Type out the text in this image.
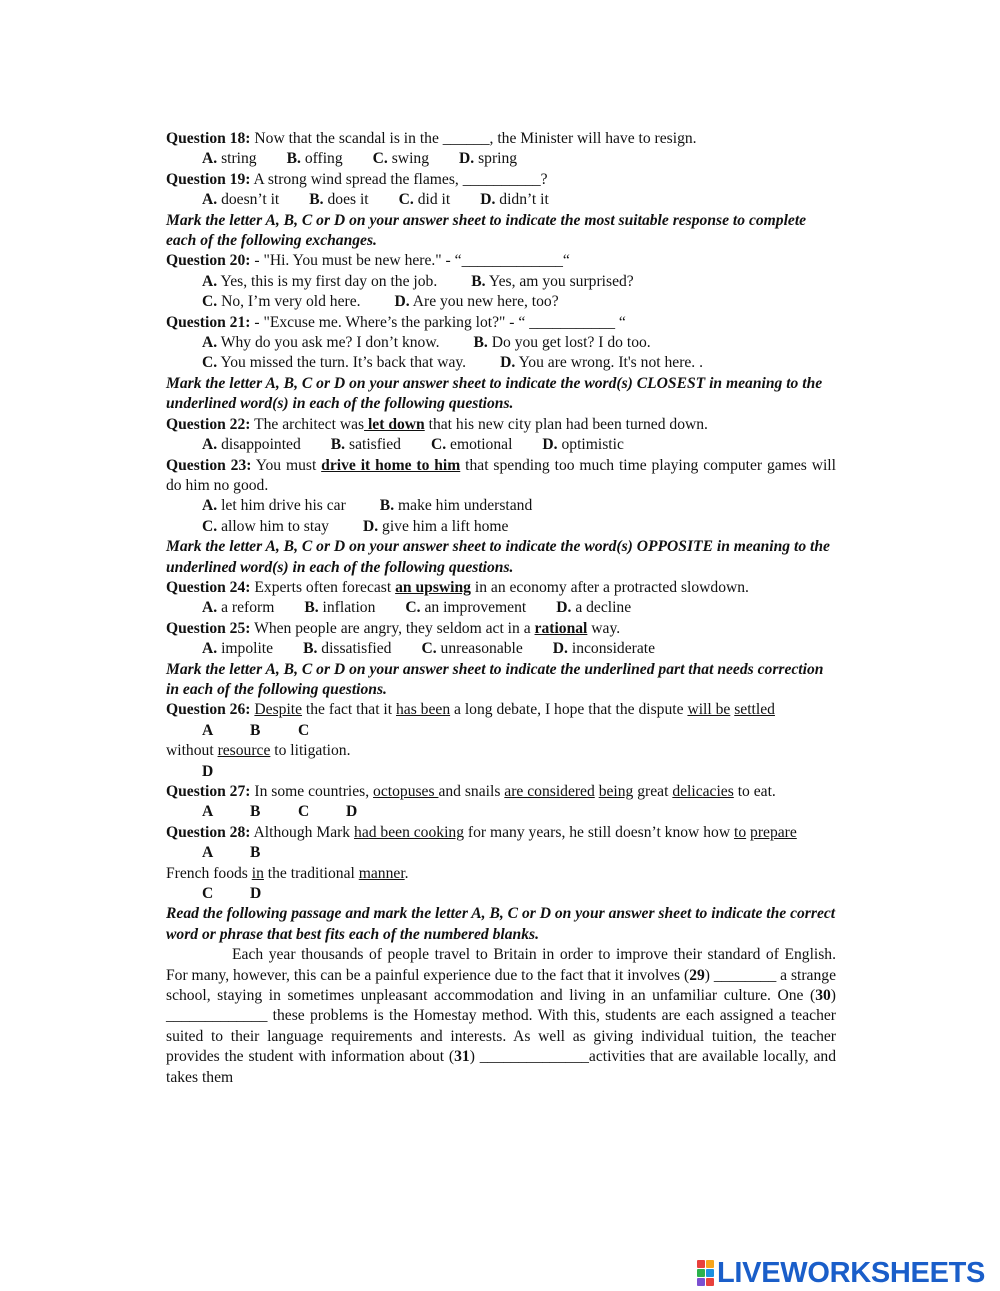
Question 18: Now that the scandal is in the ______, the Minister will have to resign.
A. string B. offing C. swing D. spring
Question 19: A strong wind spread the flames, __________?
A. doesn’t it B. does it C. did it D. didn’t it
Mark the letter A, B, C or D on your answer sheet to indicate the most suitable response to complete each of the following exchanges.
Question 20: - "Hi. You must be new here." - “_____________“
A. Yes, this is my first day on the job. B. Yes, am you surprised?
C. No, I’m very old here. D. Are you new here, too?
Question 21: - "Excuse me. Where’s the parking lot?" - “ ___________ “
A. Why do you ask me? I don’t know. B. Do you get lost? I do too.
C. You missed the turn. It’s back that way. D. You are wrong. It's not here. .
Mark the letter A, B, C or D on your answer sheet to indicate the word(s) CLOSEST in meaning to the underlined word(s) in each of the following questions.
Question 22: The architect was let down that his new city plan had been turned down.
A. disappointed B. satisfied C. emotional D. optimistic
Question 23: You must drive it home to him that spending too much time playing computer games will do him no good.
A. let him drive his car B. make him understand
C. allow him to stay D. give him a lift home
Mark the letter A, B, C or D on your answer sheet to indicate the word(s) OPPOSITE in meaning to the underlined word(s) in each of the following questions.
Question 24: Experts often forecast an upswing in an economy after a protracted slowdown.
A. a reform B. inflation C. an improvement D. a decline
Question 25: When people are angry, they seldom act in a rational way.
A. impolite B. dissatisfied C. unreasonable D. inconsiderate
Mark the letter A, B, C or D on your answer sheet to indicate the underlined part that needs correction in each of the following questions.
Question 26: Despite the fact that it has been a long debate, I hope that the dispute will be settled
A B C
without resource to litigation.
D
Question 27: In some countries, octopuses and snails are considered being great delicacies to eat.
A B C D
Question 28: Although Mark had been cooking for many years, he still doesn’t know how to prepare
A B
French foods in the traditional manner.
C D
Read the following passage and mark the letter A, B, C or D on your answer sheet to indicate the correct word or phrase that best fits each of the numbered blanks.
Each year thousands of people travel to Britain in order to improve their standard of English. For many, however, this can be a painful experience due to the fact that it involves (29) ________ a strange school, staying in sometimes unpleasant accommodation and living in an unfamiliar culture. One (30) _____________ these problems is the Homestay method. With this, students are each assigned a teacher suited to their language requirements and interests. As well as giving individual tuition, the teacher provides the student with information about (31) ______________activities that are available locally, and takes them
LIVEWORKSHEETS
